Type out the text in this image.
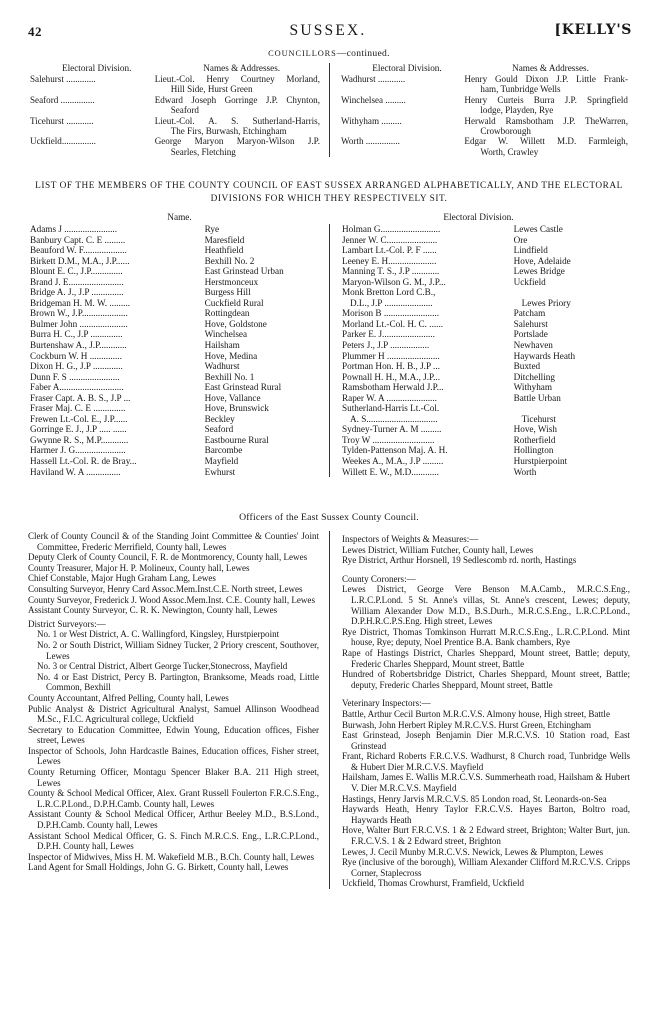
42	SUSSEX.	[KELLY'S
COUNCILLORS—continued.
Electoral Division.	Names & Addresses.
Salehurst .............	Lieut.-Col. Henry Courtney Morland,
Hill Side, Hurst Green
Seaford ...............	Edward Joseph Gorringe J.P. Chynton,
Seaford
Ticehurst ............	Lieut.-Col. A. S. Sutherland-Harris,
The Firs, Burwash, Etchingham
Uckfield...............	George Maryon Maryon-Wilson J.P.
Searles, Fletching
Electoral Division.	Names & Addresses.
Wadhurst ............	Henry Gould Dixon J.P. Little Frank-
ham, Tunbridge Wells
Winchelsea .........	Henry Curteis Burra J.P. Springfield
lodge, Playden, Rye
Withyham .........	Herwald Ramsbotham J.P. TheWarren,
Crowborough
Worth ...............	Edgar W. Willett M.D. Farmleigh,
Worth, Crawley
LIST OF THE MEMBERS OF THE COUNTY COUNCIL OF EAST SUSSEX ARRANGED ALPHABETICALLY, AND THE ELECTORAL
DIVISIONS FOR WHICH THEY RESPECTIVELY SIT.
Name.	Electoral Division.
Adams J .......................	Rye
Banbury Capt. C. E .........	Maresfield
Beauford W. F...................	Heathfield
Birkett D.M., M.A., J.P......	Bexhill No. 2
Blount E. C., J.P..............	East Grinstead Urban
Brand J. E........................	Herstmonceux
Bridge A. J., J.P ..............	Burgess Hill
Bridgeman H. M. W. .........	Cuckfield Rural
Brown W., J.P....................	Rottingdean
Bulmer John .....................	Hove, Goldstone
Burra H. C., J.P ..............	Winchelsea
Burtenshaw A., J.P............	Hailsham
Cockburn W. H ..............	Hove, Medina
Dixon H. G., J.P .............	Wadhurst
Dunn F. S ......................	Bexhill No. 1
Faber A............................	East Grinstead Rural
Fraser Capt. A. B. S., J.P ...	Hove, Vallance
Fraser Maj. C. E ..............	Hove, Brunswick
Frewen Lt.-Col. E., J.P......	Beckley
Gorringe E. J., J.P ..... ......	Seaford
Gwynne R. S., M.P............	Eastbourne Rural
Harmer J. G......................	Barcombe
Hassell Lt.-Col. R. de Bray...	Mayfield
Haviland W. A ...............	Ewhurst
Holman G..........................	Lewes Castle
Jenner W. C......................	Ore
Lambart Lt.-Col. P. F ......	Lindfield
Leeney E. H.....................	Hove, Adelaide
Manning T. S., J.P ............	Lewes Bridge
Maryon-Wilson G. M., J.P...	Uckfield
Monk Bretton Lord C.B.,
D.L., J.P .....................	Lewes Priory
Morison B ........................	Patcham
Morland Lt.-Col. H. C. ......	Salehurst
Parker E. J.......................	Portslade
Peters J., J.P .................	Newhaven
Plummer H .......................	Haywards Heath
Portman Hon. H. B., J.P ...	Buxted
Pownall H. H., M.A., J.P...	Ditchelling
Ramsbotham Herwald J.P...	Withyham
Raper W. A ......................	Battle Urban
Sutherland-Harris Lt.-Col.
A. S...............................	Ticehurst
Sydney-Turner A. M .........	Hove, Wish
Troy W ...........................	Rotherfield
Tylden-Pattenson Maj. A. H.	Hollington
Weekes A., M.A., J.P .........	Hurstpierpoint
Willett E. W., M.D............	Worth
Officers of the East Sussex County Council.
Clerk of County Council & of the Standing Joint Committee & Counties' Joint Committee, Frederic Merrifield, County hall, Lewes
Deputy Clerk of County Council, F. R. de Montmorency, County hall, Lewes
County Treasurer, Major H. P. Molineux, County hall, Lewes
Chief Constable, Major Hugh Graham Lang, Lewes
Consulting Surveyor, Henry Card Assoc.Mem.Inst.C.E. North street, Lewes
County Surveyor, Frederick J. Wood Assoc.Mem.Inst. C.E. County hall, Lewes
Assistant County Surveyor, C. R. K. Newington, County hall, Lewes
District Surveyors:—
No. 1 or West District, A. C. Wallingford, Kingsley, Hurstpierpoint
No. 2 or South District, William Sidney Tucker, 2 Priory crescent, Southover, Lewes
No. 3 or Central District, Albert George Tucker,Stonecross, Mayfield
No. 4 or East District, Percy B. Partington, Branksome, Meads road, Little Common, Bexhill
County Accountant, Alfred Pelling, County hall, Lewes
Public Analyst & District Agricultural Analyst, Samuel Allinson Woodhead M.Sc., F.I.C. Agricultural college, Uckfield
Secretary to Education Committee, Edwin Young, Education offices, Fisher street, Lewes
Inspector of Schools, John Hardcastle Baines, Education offices, Fisher street, Lewes
County Returning Officer, Montagu Spencer Blaker B.A. 211 High street, Lewes
County & School Medical Officer, Alex. Grant Russell Foulerton F.R.C.S.Eng., L.R.C.P.Lond., D.P.H.Camb. County hall, Lewes
Assistant County & School Medical Officer, Arthur Beeley M.D., B.S.Lond., D.P.H.Camb. County hall, Lewes
Assistant School Medical Officer, G. S. Finch M.R.C.S. Eng., L.R.C.P.Lond., D.P.H. County hall, Lewes
Inspector of Midwives, Miss H. M. Wakefield M.B., B.Ch. County hall, Lewes
Land Agent for Small Holdings, John G. G. Birkett, County hall, Lewes
Inspectors of Weights & Measures:—
Lewes District, William Futcher, County hall, Lewes
Rye District, Arthur Horsnell, 19 Sedlescomb rd. north, Hastings
County Coroners:—
Lewes District, George Vere Benson M.A.Camb., M.R.C.S.Eng., L.R.C.P.Lond. 5 St. Anne's villas, St. Anne's crescent, Lewes; deputy, William Alexander Dow M.D., B.S.Durh., M.R.C.S.Eng., L.R.C.P.Lond., D.P.H.R.C.P.S.Eng. High street, Lewes
Rye District, Thomas Tomkinson Hurratt M.R.C.S.Eng., L.R.C.P.Lond. Mint house, Rye; deputy, Noel Prentice B.A. Bank chambers, Rye
Rape of Hastings District, Charles Sheppard, Mount street, Battle; deputy, Frederic Charles Sheppard, Mount street, Battle
Hundred of Robertsbridge District, Charles Sheppard, Mount street, Battle; deputy, Frederic Charles Sheppard, Mount street, Battle
Veterinary Inspectors:—
Battle, Arthur Cecil Burton M.R.C.V.S. Almony house, High street, Battle
Burwash, John Herbert Ripley M.R.C.V.S. Hurst Green, Etchingham
East Grinstead, Joseph Benjamin Dier M.R.C.V.S. 10 Station road, East Grinstead
Frant, Richard Roberts F.R.C.V.S. Wadhurst, 8 Church road, Tunbridge Wells & Hubert Dier M.R.C.V.S. Mayfield
Hailsham, James E. Wallis M.R.C.V.S. Summerheath road, Hailsham & Hubert V. Dier M.R.C.V.S. Mayfield
Hastings, Henry Jarvis M.R.C.V.S. 85 London road, St. Leonards-on-Sea
Haywards Heath, Henry Taylor F.R.C.V.S. Hayes Barton, Boltro road, Haywards Heath
Hove, Walter Burt F.R.C.V.S. 1 & 2 Edward street, Brighton; Walter Burt, jun. F.R.C.V.S. 1 & 2 Edward street, Brighton
Lewes, J. Cecil Munby M.R.C.V.S. Newick, Lewes & Plumpton, Lewes
Rye (inclusive of the borough), William Alexander Clifford M.R.C.V.S. Cripps Corner, Staplecross
Uckfield, Thomas Crowhurst, Framfield, Uckfield
